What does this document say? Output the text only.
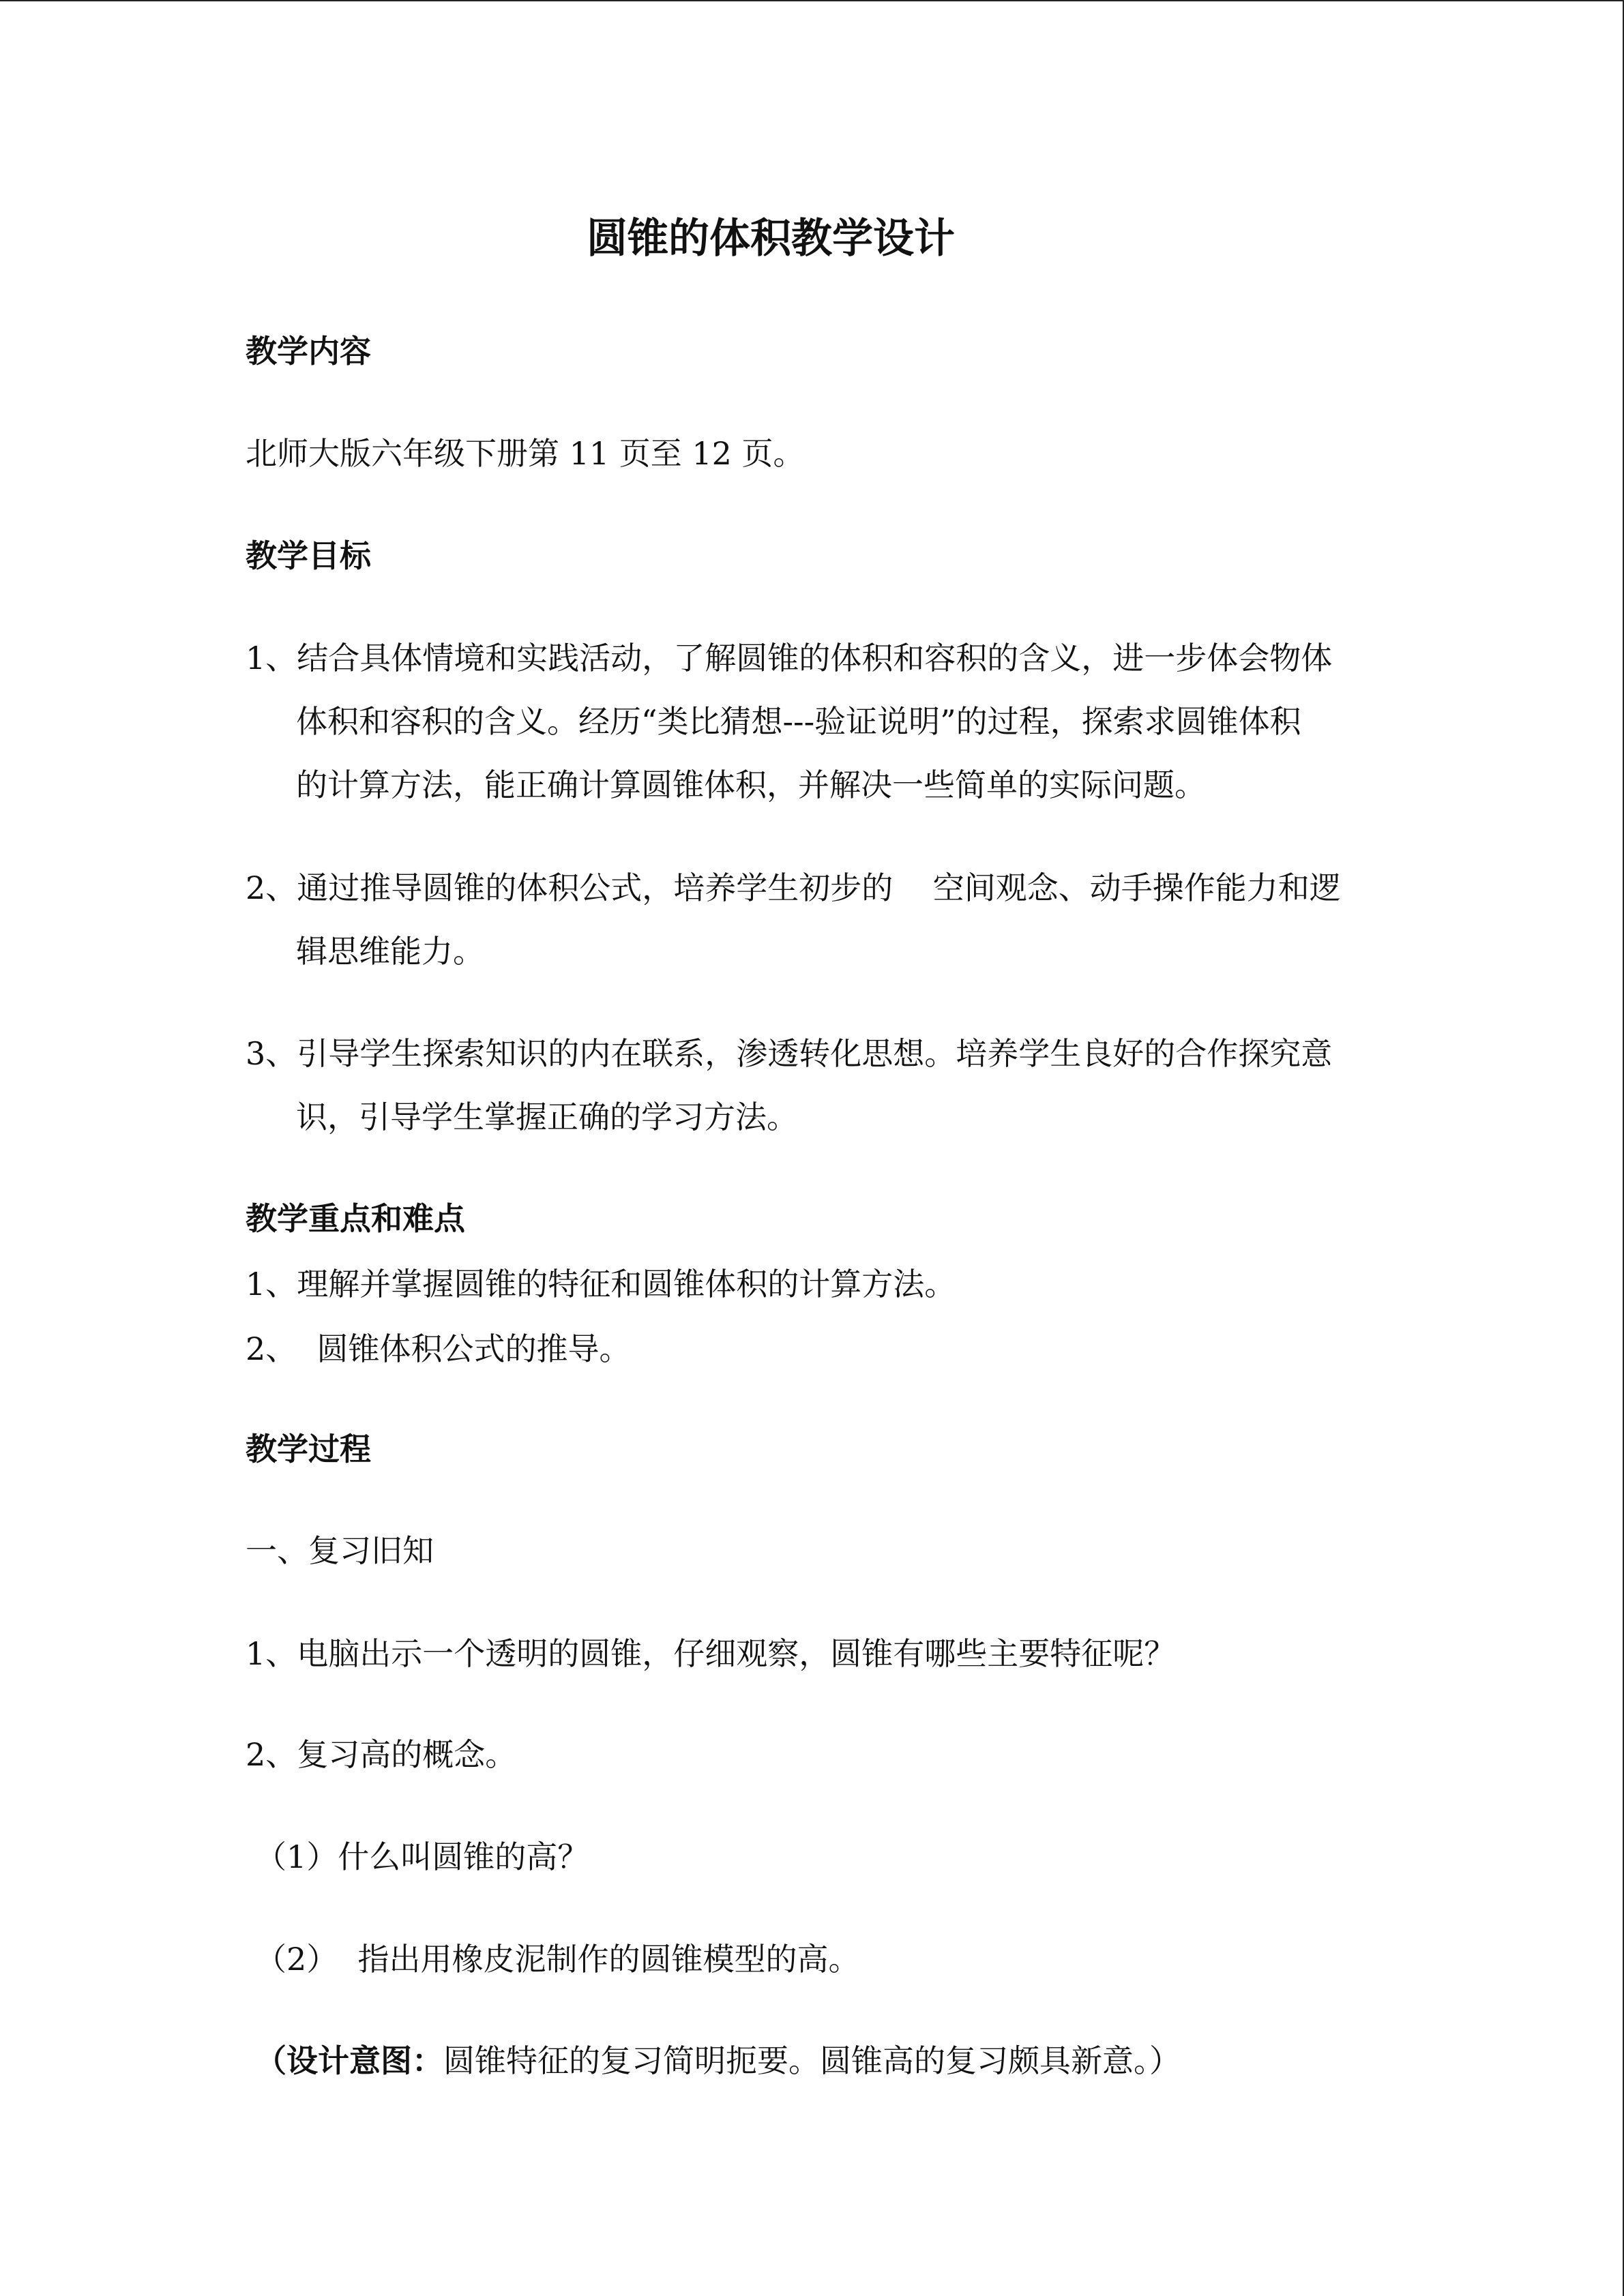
圆锥的体积教学设计
教学内容
北师大版六年级下册第 11 页至 12 页。
教学目标
1、结合具体情境和实践活动，了解圆锥的体积和容积的含义，进一步体会物体
体积和容积的含义。经历“类比猜想---验证说明”的过程，探索求圆锥体积
的计算方法，能正确计算圆锥体积，并解决一些简单的实际问题。
2、通过推导圆锥的体积公式，培养学生初步的    空间观念、动手操作能力和逻
辑思维能力。
3、引导学生探索知识的内在联系，渗透转化思想。培养学生良好的合作探究意
识，引导学生掌握正确的学习方法。
教学重点和难点
1、理解并掌握圆锥的特征和圆锥体积的计算方法。
2、  圆锥体积公式的推导。
教学过程
一、复习旧知
1、电脑出示一个透明的圆锥，仔细观察，圆锥有哪些主要特征呢？
2、复习高的概念。
（1）什么叫圆锥的高？
（2）  指出用橡皮泥制作的圆锥模型的高。
（设计意图：圆锥特征的复习简明扼要。圆锥高的复习颇具新意。）
